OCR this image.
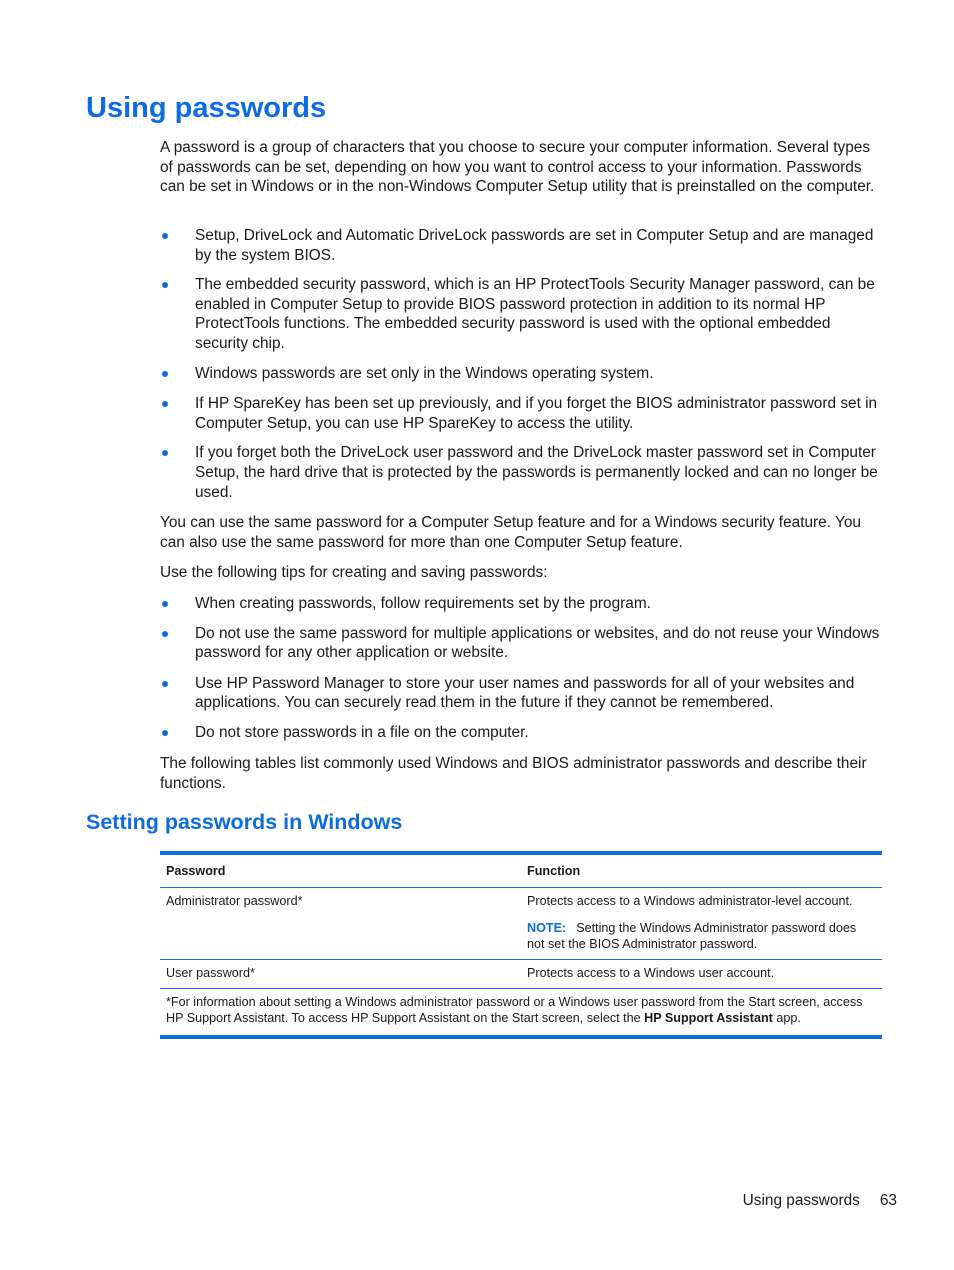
Using passwords

A password is a group of characters that you choose to secure your computer information. Several types of passwords can be set, depending on how you want to control access to your information. Passwords can be set in Windows or in the non-Windows Computer Setup utility that is preinstalled on the computer.

Setup, DriveLock and Automatic DriveLock passwords are set in Computer Setup and are managed by the system BIOS.
The embedded security password, which is an HP ProtectTools Security Manager password, can be enabled in Computer Setup to provide BIOS password protection in addition to its normal HP ProtectTools functions. The embedded security password is used with the optional embedded security chip.
Windows passwords are set only in the Windows operating system.
If HP SpareKey has been set up previously, and if you forget the BIOS administrator password set in Computer Setup, you can use HP SpareKey to access the utility.
If you forget both the DriveLock user password and the DriveLock master password set in Computer Setup, the hard drive that is protected by the passwords is permanently locked and can no longer be used.

You can use the same password for a Computer Setup feature and for a Windows security feature. You can also use the same password for more than one Computer Setup feature.

Use the following tips for creating and saving passwords:

When creating passwords, follow requirements set by the program.
Do not use the same password for multiple applications or websites, and do not reuse your Windows password for any other application or website.
Use HP Password Manager to store your user names and passwords for all of your websites and applications. You can securely read them in the future if they cannot be remembered.
Do not store passwords in a file on the computer.

The following tables list commonly used Windows and BIOS administrator passwords and describe their functions.

Setting passwords in Windows
Password	Function
Administrator password*	Protects access to a Windows administrator-level account.
NOTE: Setting the Windows Administrator password does not set the BIOS Administrator password.

User password*	Protects access to a Windows user account.
*For information about setting a Windows administrator password or a Windows user password from the Start screen, access HP Support Assistant. To access HP Support Assistant on the Start screen, select the HP Support Assistant app.	
Using passwords 63
